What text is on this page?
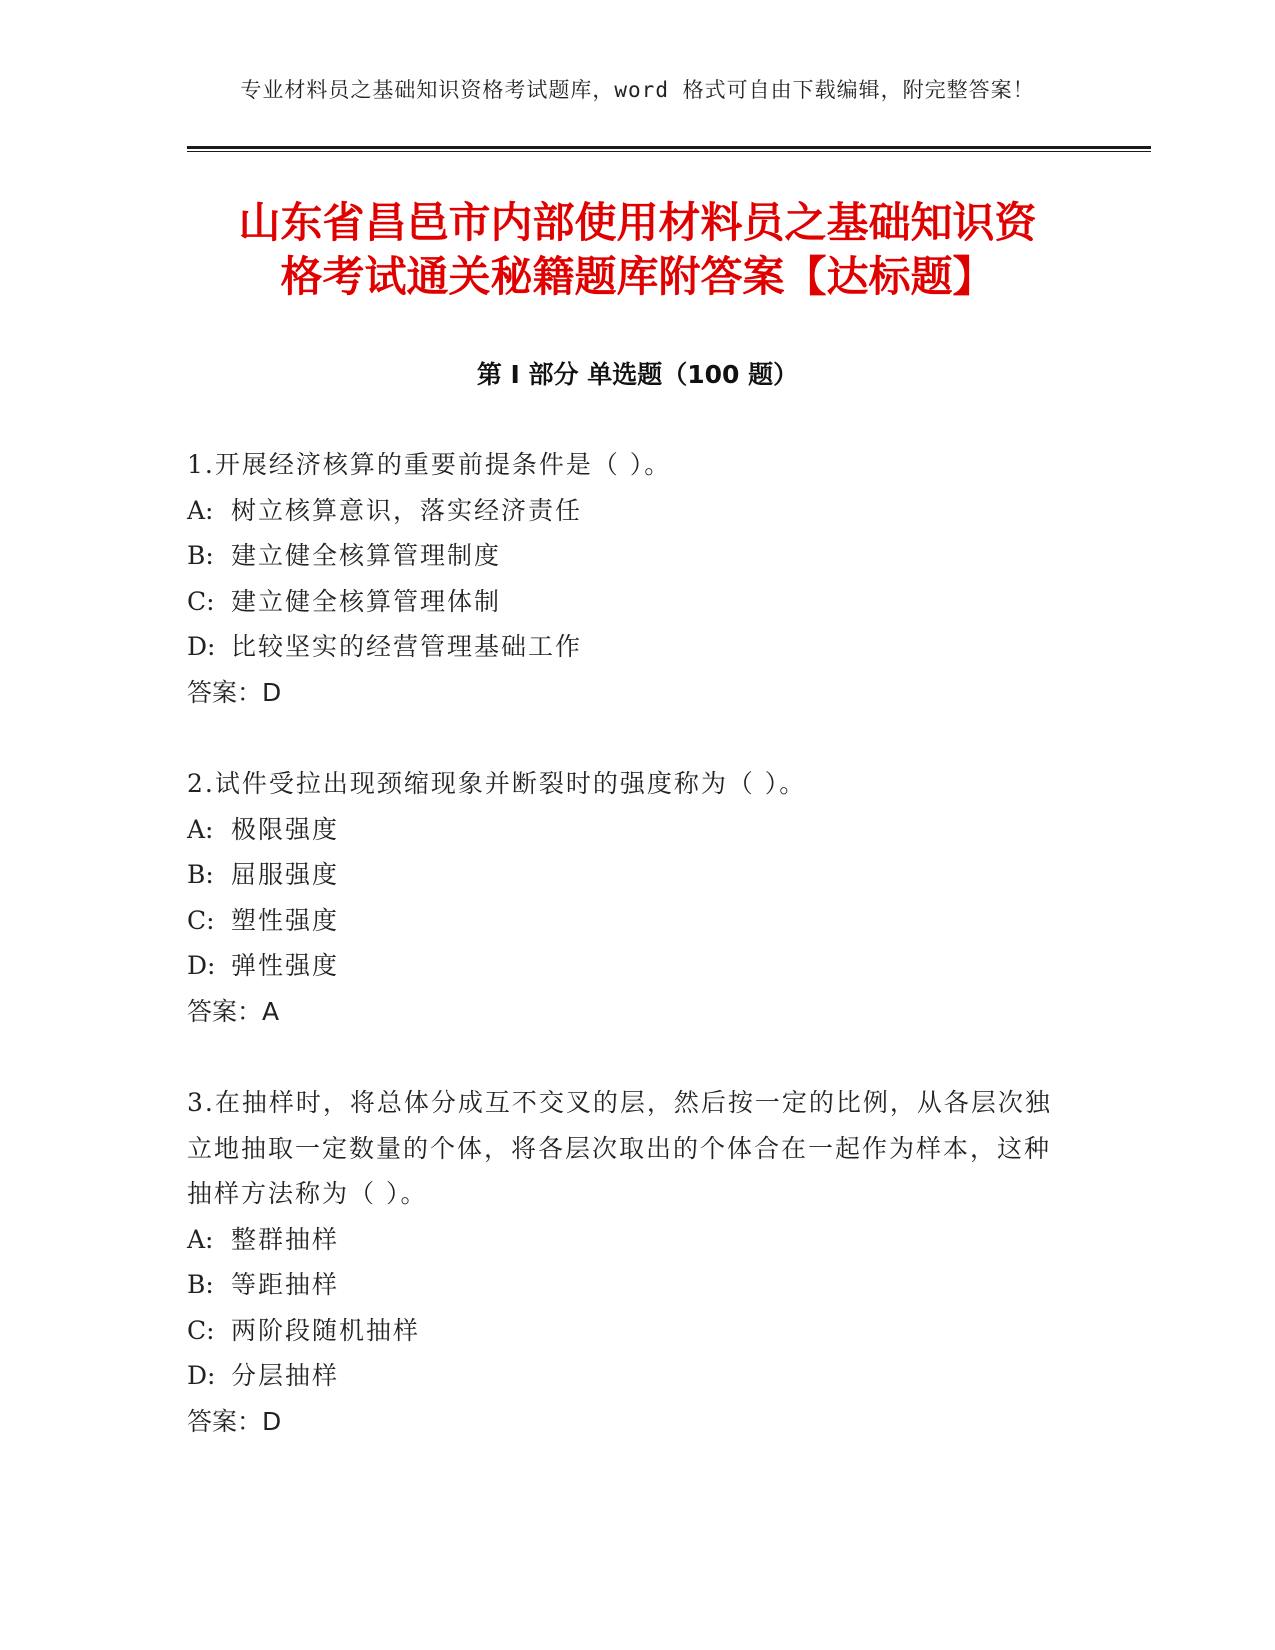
专业材料员之基础知识资格考试题库，word 格式可自由下载编辑，附完整答案！
山东省昌邑市内部使用材料员之基础知识资
格考试通关秘籍题库附答案【达标题】
第 I 部分 单选题（100 题）
1.开展经济核算的重要前提条件是（ ）。
A: 树立核算意识，落实经济责任
B: 建立健全核算管理制度
C: 建立健全核算管理体制
D: 比较坚实的经营管理基础工作
答案：D
2.试件受拉出现颈缩现象并断裂时的强度称为（ ）。
A: 极限强度
B: 屈服强度
C: 塑性强度
D: 弹性强度
答案：A
3.在抽样时，将总体分成互不交叉的层，然后按一定的比例，从各层次独立地抽取一定数量的个体，将各层次取出的个体合在一起作为样本，这种抽样方法称为（ ）。
A: 整群抽样
B: 等距抽样
C: 两阶段随机抽样
D: 分层抽样
答案：D
